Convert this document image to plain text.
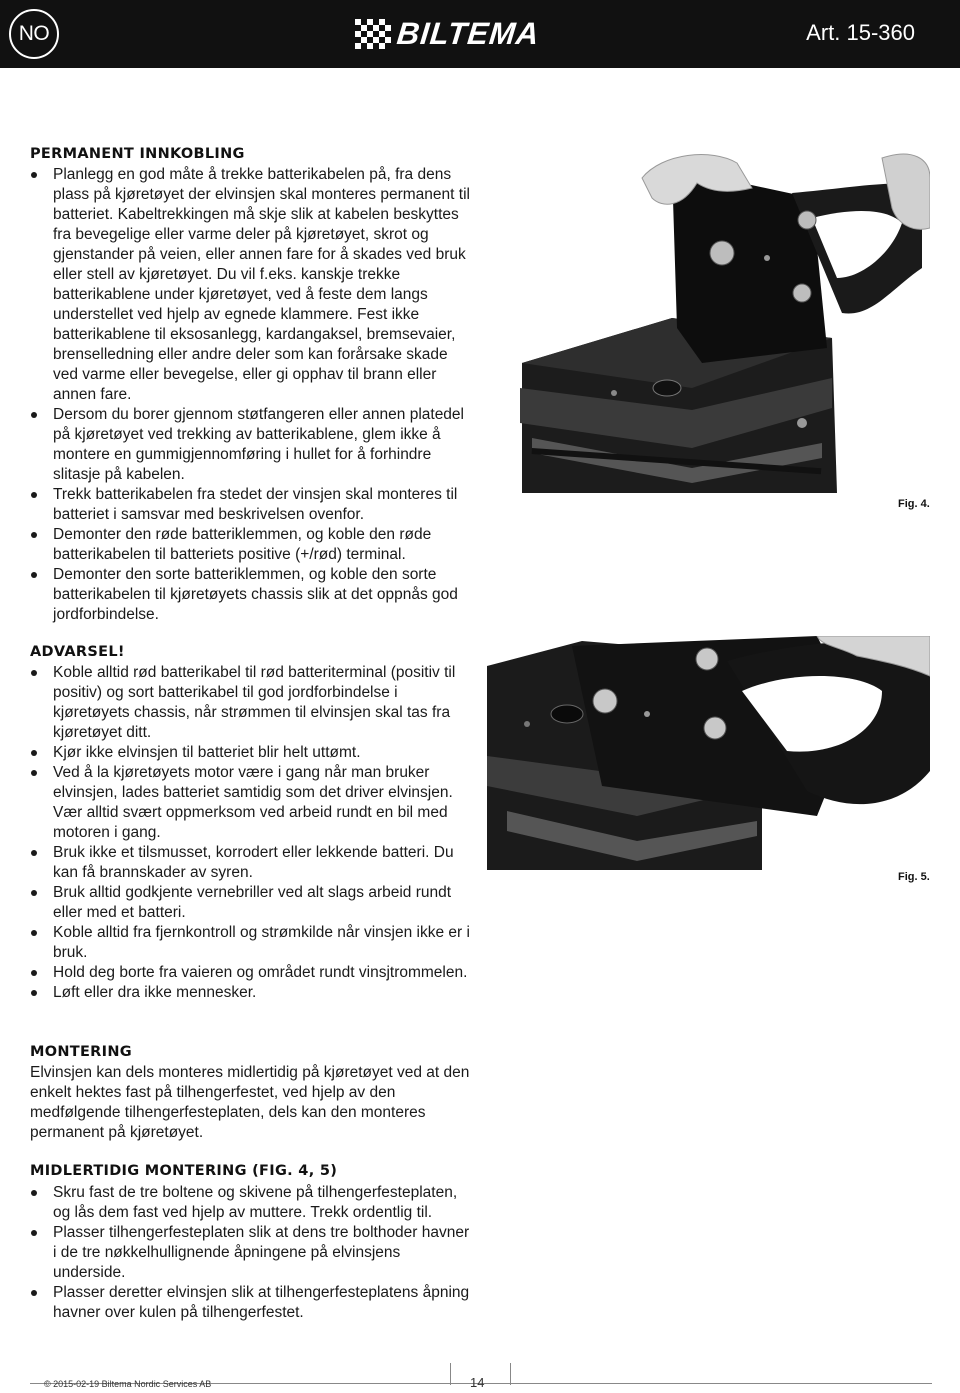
NO	BILTEMA	Art. 15-360
PERMANENT INNKOBLING
Planlegg en god måte å trekke batterikabelen på, fra dens plass på kjøretøyet der elvinsjen skal monteres permanent til batteriet. Kabeltrekkingen må skje slik at kabelen beskyttes fra bevegelige eller varme deler på kjøretøyet, skrot og gjenstander på veien, eller annen fare for å skades ved bruk eller stell av kjøretøyet. Du vil f.eks. kanskje trekke batterikablene under kjøretøyet, ved å feste dem langs understellet ved hjelp av egnede klammere. Fest ikke batterikablene til eksosanlegg, kardangaksel, bremsevaier, brenselledning eller andre deler som kan forårsake skade ved varme eller bevegelse, eller gi opphav til brann eller annen fare.
Dersom du borer gjennom støtfangeren eller annen platedel på kjøretøyet ved trekking av batterikablene, glem ikke å montere en gummigjennomføring i hullet for å forhindre slitasje på kabelen.
Trekk batterikabelen fra stedet der vinsjen skal monteres til batteriet i samsvar med beskrivelsen ovenfor.
Demonter den røde batteriklemmen, og koble den røde batterikabelen til batteriets positive (+/rød) terminal.
Demonter den sorte batteriklemmen, og koble den sorte batterikabelen til kjøretøyets chassis slik at det oppnås god jordforbindelse.
ADVARSEL!
Koble alltid rød batterikabel til rød batteriterminal (positiv til positiv) og sort batterikabel til god jordforbindelse i kjøretøyets chassis, når strømmen til elvinsjen skal tas fra kjøretøyet ditt.
Kjør ikke elvinsjen til batteriet blir helt uttømt.
Ved å la kjøretøyets motor være i gang når man bruker elvinsjen, lades batteriet samtidig som det driver elvinsjen. Vær alltid svært oppmerksom ved arbeid rundt en bil med motoren i gang.
Bruk ikke et tilsmusset, korrodert eller lekkende batteri. Du kan få brannskader av syren.
Bruk alltid godkjente vernebriller ved alt slags arbeid rundt eller med et batteri.
Koble alltid fra fjernkontroll og strømkilde når vinsjen ikke er i bruk.
Hold deg borte fra vaieren og området rundt vinsjtrommelen.
Løft eller dra ikke mennesker.
MONTERING
Elvinsjen kan dels monteres midlertidig på kjøretøyet ved at den enkelt hektes fast på tilhengerfestet, ved hjelp av den medfølgende tilhengerfesteplaten, dels kan den monteres permanent på kjøretøyet.
MIDLERTIDIG MONTERING (FIG. 4, 5)
Skru fast de tre boltene og skivene på tilhengerfesteplaten, og lås dem fast ved hjelp av muttere. Trekk ordentlig til.
Plasser tilhengerfesteplaten slik at dens tre bolthoder havner i de tre nøkkelhullignende åpningene på elvinsjens underside.
Plasser deretter elvinsjen slik at tilhengerfesteplatens åpning havner over kulen på tilhengerfestet.
Fig. 4.
Fig. 5.
© 2015-02-19 Biltema Nordic Services AB	14
